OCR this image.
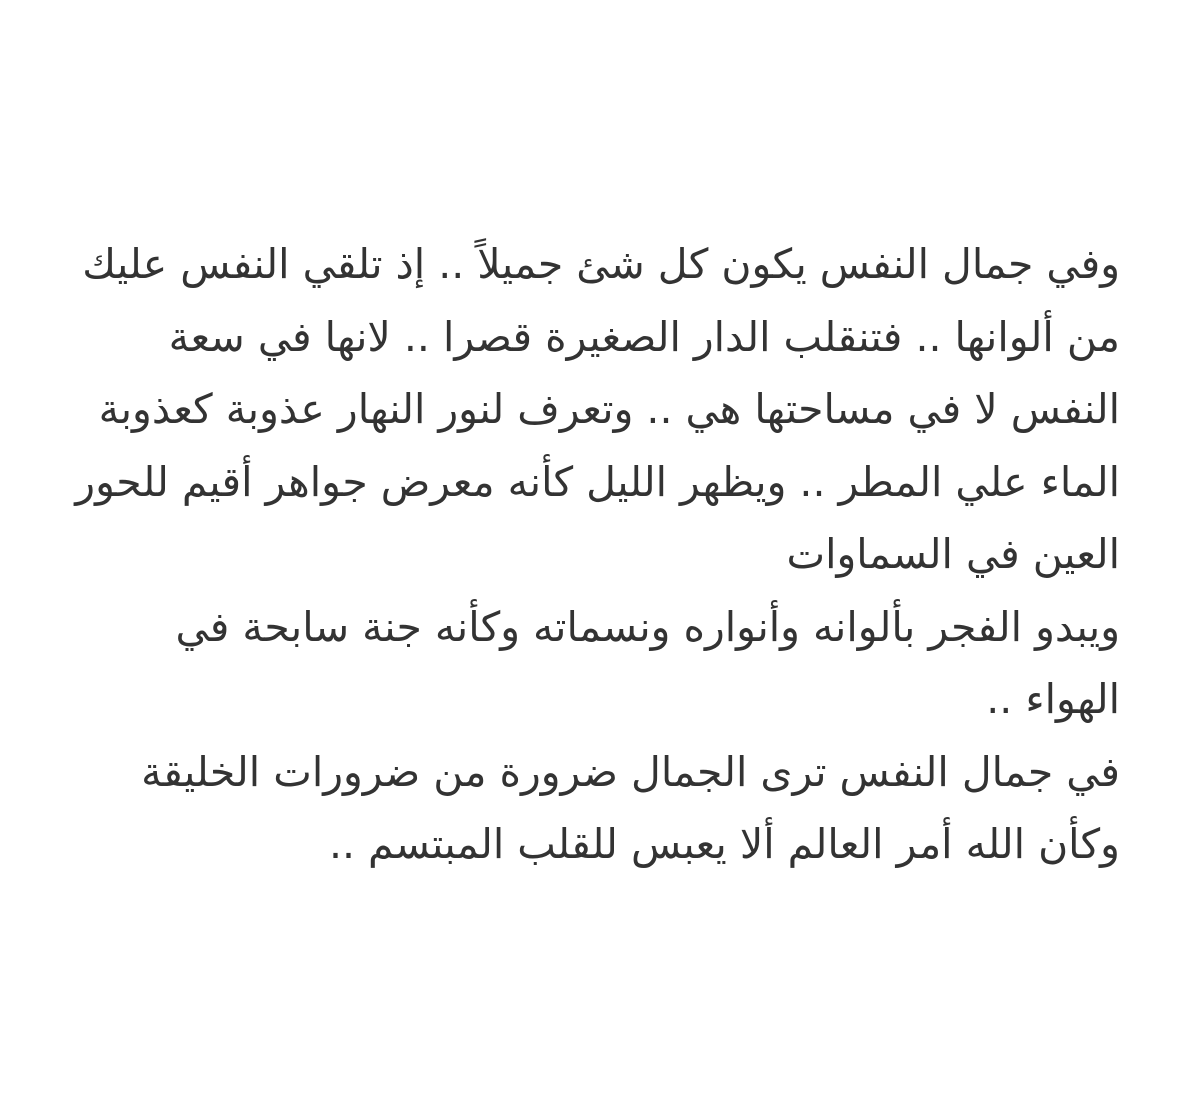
وفي جمال النفس يكون كل شئ جميلاً .. إذ تلقي النفس عليك
من ألوانها .. فتنقلب الدار الصغيرة قصرا .. لانها في سعة
النفس لا في مساحتها هي .. وتعرف لنور النهار عذوبة كعذوبة
الماء علي المطر .. ويظهر الليل كأنه معرض جواهر أقيم للحور
العين في السماوات
ويبدو الفجر بألوانه وأنواره ونسماته وكأنه جنة سابحة في
الهواء ..
في جمال النفس ترى الجمال ضرورة من ضرورات الخليقة
وكأن الله أمر العالم ألا يعبس للقلب المبتسم ..
